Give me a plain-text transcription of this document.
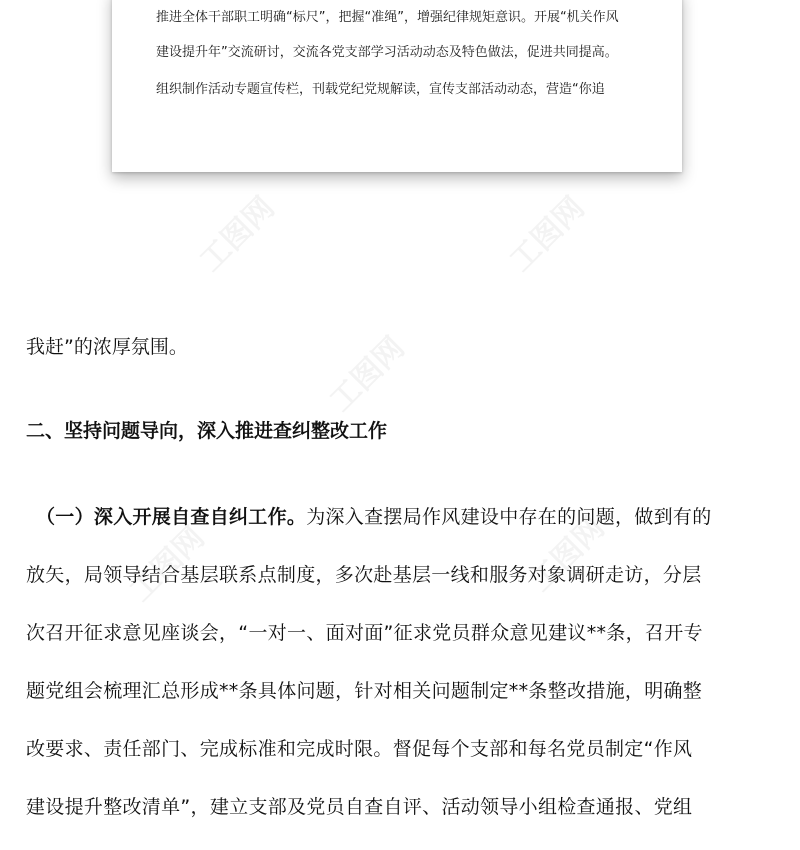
工图网	工图网
工图网
工图网	工图网
推进全体干部职工明确“标尺”，把握“准绳”，增强纪律规矩意识。开展“机关作风
建设提升年”交流研讨，交流各党支部学习活动动态及特色做法，促进共同提高。
组织制作活动专题宣传栏，刊载党纪党规解读，宣传支部活动动态，营造“你追
我赶”的浓厚氛围。
二、坚持问题导向，深入推进查纠整改工作
（一）深入开展自查自纠工作。为深入查摆局作风建设中存在的问题，做到有的
放矢，局领导结合基层联系点制度，多次赴基层一线和服务对象调研走访，分层
次召开征求意见座谈会，“一对一、面对面”征求党员群众意见建议**条，召开专
题党组会梳理汇总形成**条具体问题，针对相关问题制定**条整改措施，明确整
改要求、责任部门、完成标准和完成时限。督促每个支部和每名党员制定“作风
建设提升整改清单”，建立支部及党员自查自评、活动领导小组检查通报、党组
